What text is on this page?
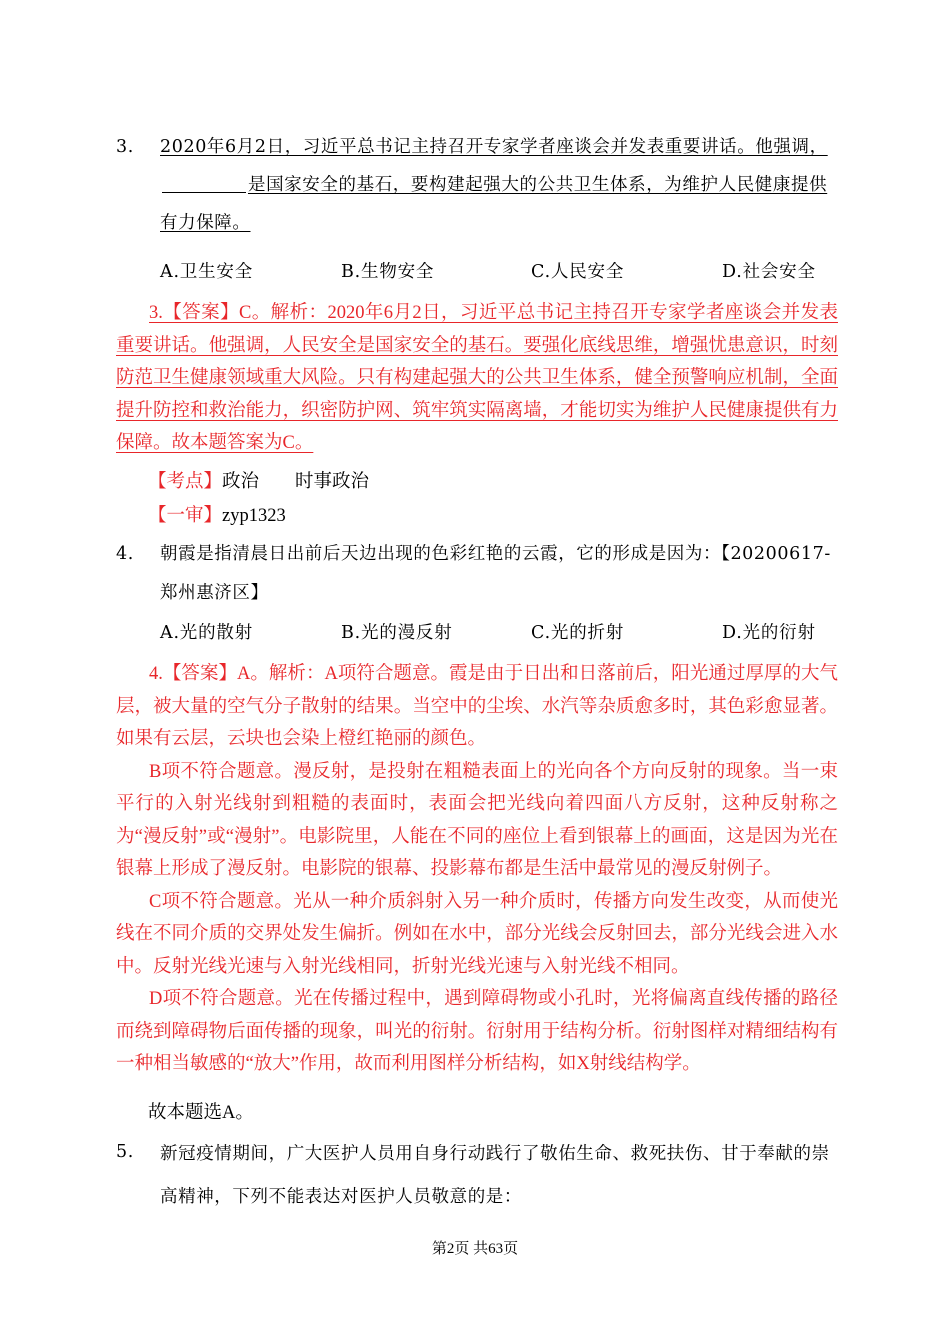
3. 2020年6月2日，习近平总书记主持召开专家学者座谈会并发表重要讲话。他强调，是国家安全的基石，要构建起强大的公共卫生体系，为维护人民健康提供有力保障。
A.卫生安全	B.生物安全	C.人民安全	D.社会安全

3.【答案】C。解析：2020年6月2日，习近平总书记主持召开专家学者座谈会并发表重要讲话。他强调，人民安全是国家安全的基石。要强化底线思维，增强忧患意识，时刻防范卫生健康领域重大风险。只有构建起强大的公共卫生体系，健全预警响应机制，全面提升防控和救治能力，织密防护网、筑牢筑实隔离墙，才能切实为维护人民健康提供有力保障。故本题答案为C。

【考点】政治 时事政治
【一审】zyp1323
4. 朝霞是指清晨日出前后天边出现的色彩红艳的云霞，它的形成是因为：【20200617-郑州惠济区】
A.光的散射	B.光的漫反射	C.光的折射	D.光的衍射

4.【答案】A。解析：A项符合题意。霞是由于日出和日落前后，阳光通过厚厚的大气层，被大量的空气分子散射的结果。当空中的尘埃、水汽等杂质愈多时，其色彩愈显著。如果有云层，云块也会染上橙红艳丽的颜色。

B项不符合题意。漫反射，是投射在粗糙表面上的光向各个方向反射的现象。当一束平行的入射光线射到粗糙的表面时，表面会把光线向着四面八方反射，这种反射称之为“漫反射”或“漫射”。电影院里，人能在不同的座位上看到银幕上的画面，这是因为光在银幕上形成了漫反射。电影院的银幕、投影幕布都是生活中最常见的漫反射例子。

C项不符合题意。光从一种介质斜射入另一种介质时，传播方向发生改变，从而使光线在不同介质的交界处发生偏折。例如在水中，部分光线会反射回去，部分光线会进入水中。反射光线光速与入射光线相同，折射光线光速与入射光线不相同。

D项不符合题意。光在传播过程中，遇到障碍物或小孔时，光将偏离直线传播的路径而绕到障碍物后面传播的现象，叫光的衍射。衍射用于结构分析。衍射图样对精细结构有一种相当敏感的“放大”作用，故而利用图样分析结构，如X射线结构学。

故本题选A。
5. 新冠疫情期间，广大医护人员用自身行动践行了敬佑生命、救死扶伤、甘于奉献的崇高精神，下列不能表达对医护人员敬意的是：
第2页 共63页
